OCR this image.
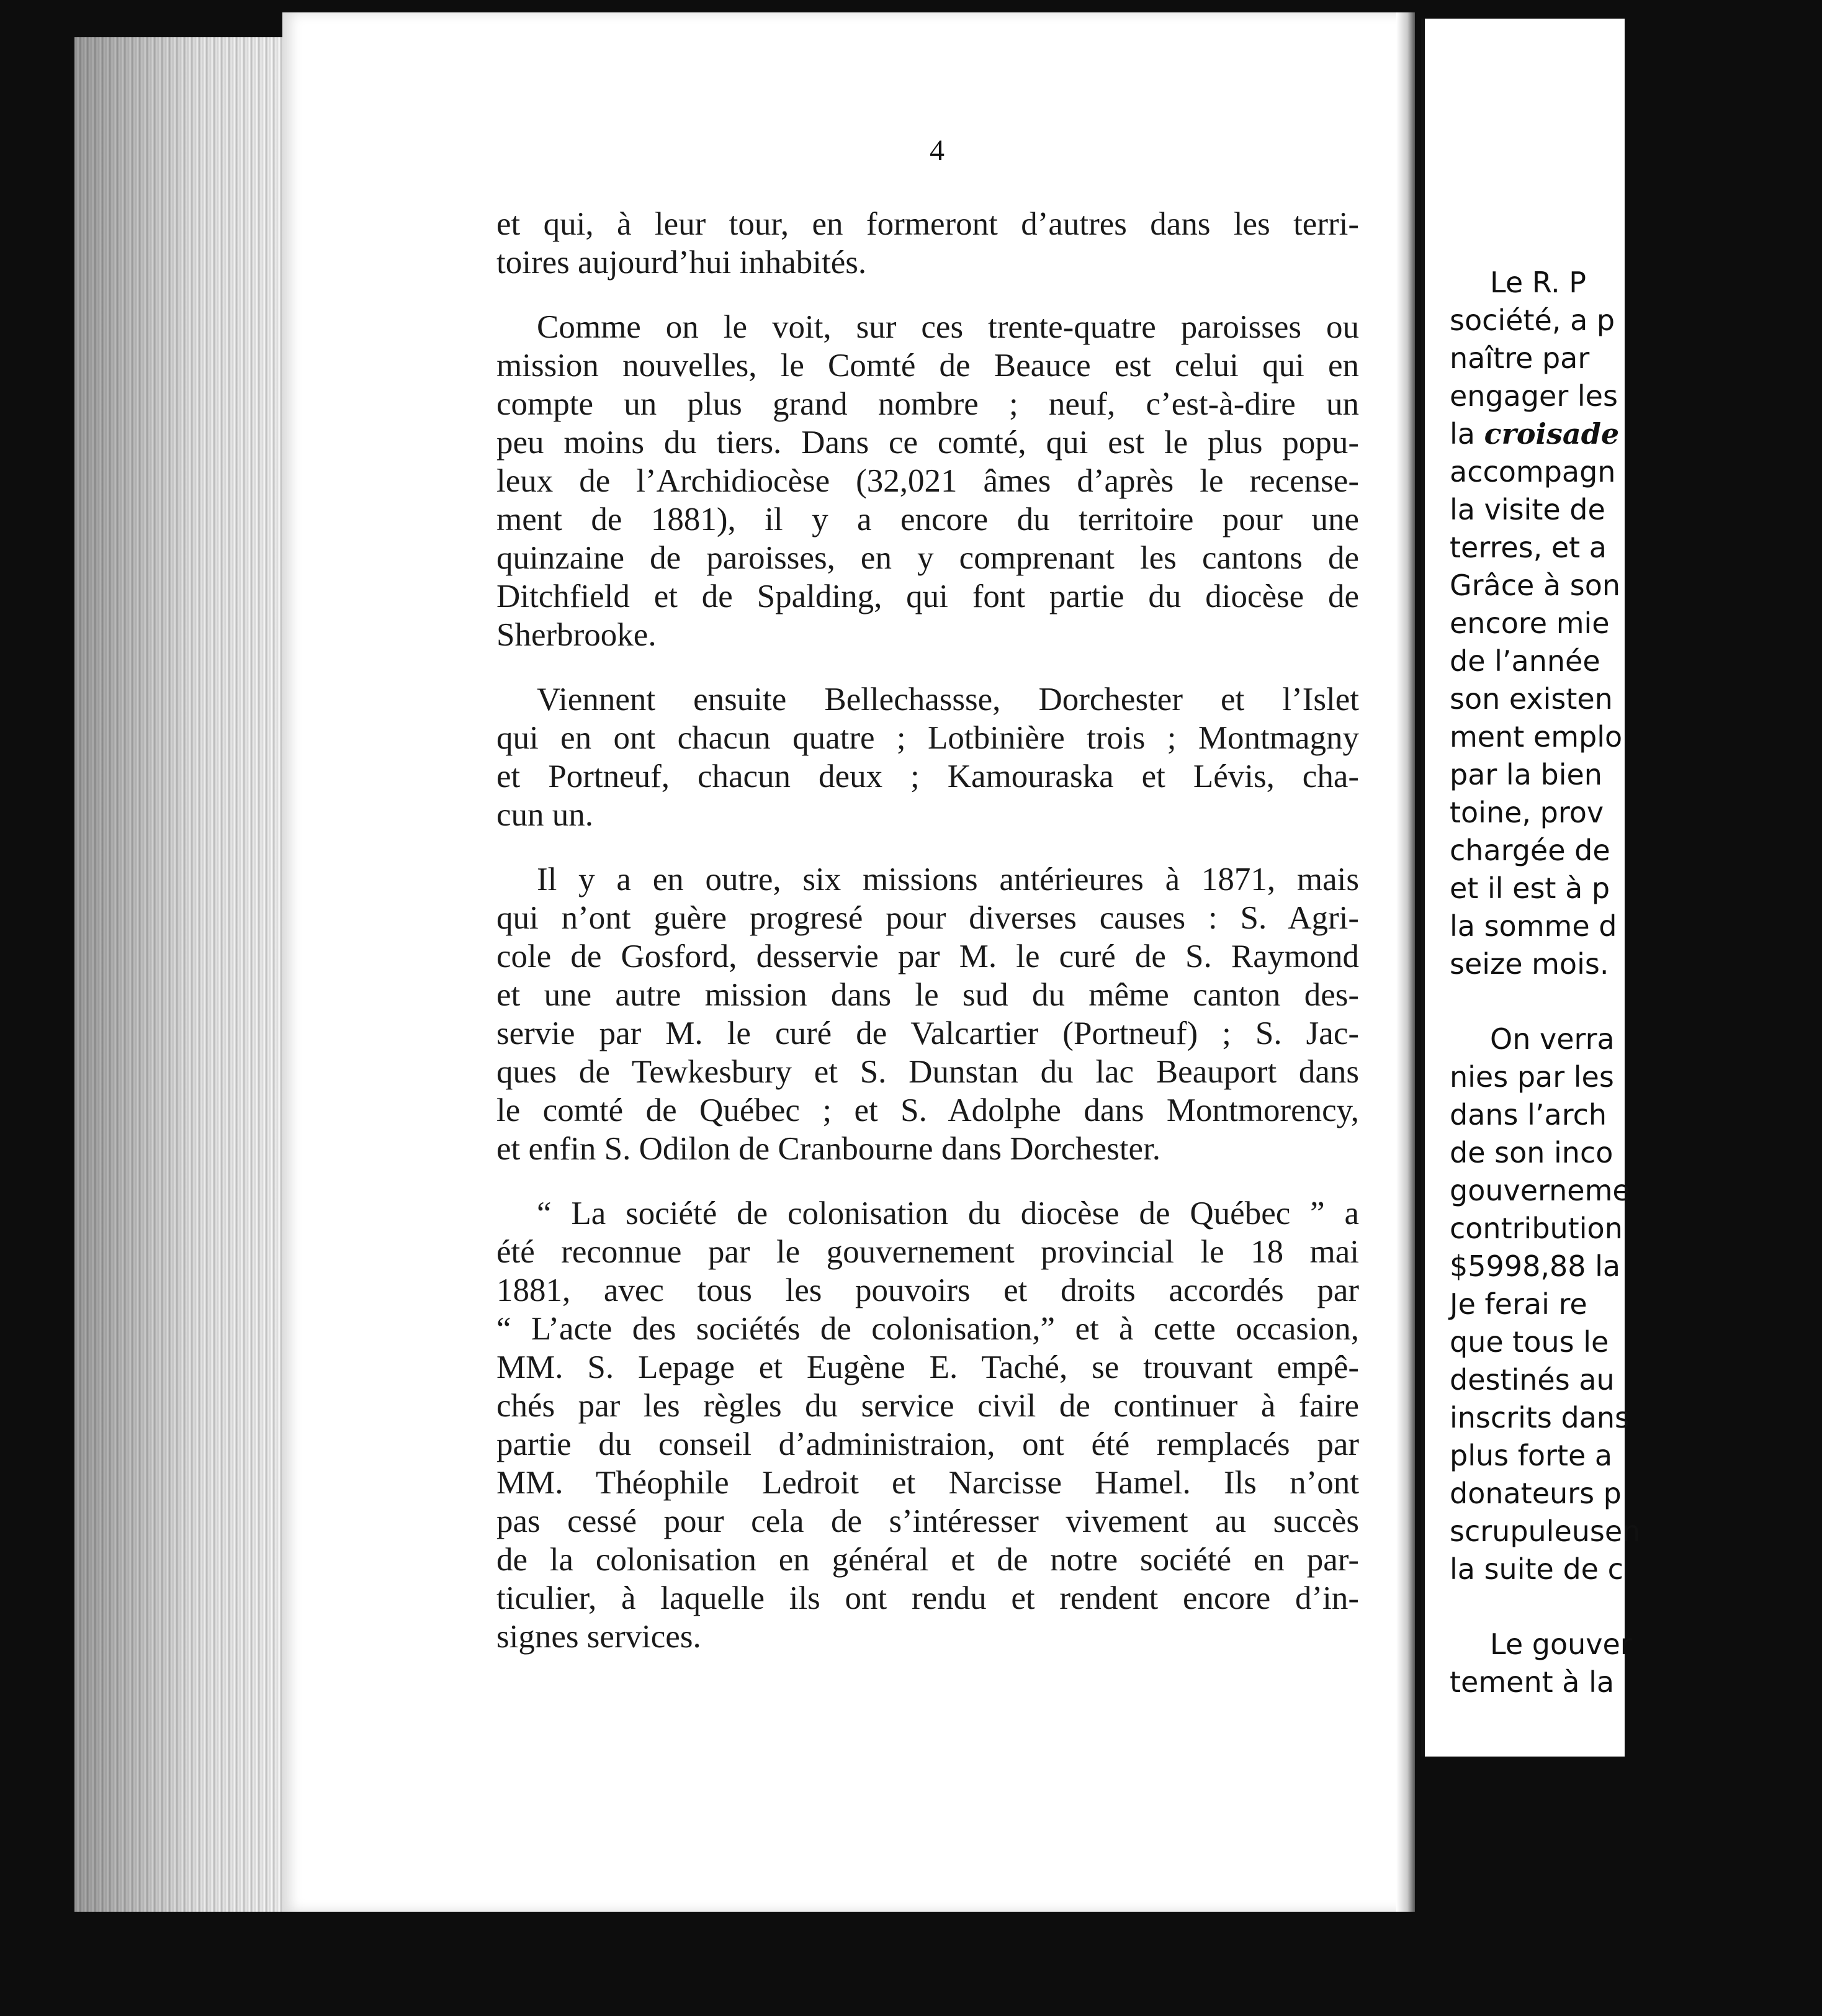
4
et qui, à leur tour, en formeront d’autres dans les terri-
toires aujourd’hui inhabités.
Comme on le voit, sur ces trente-quatre paroisses ou
mission nouvelles, le Comté de Beauce est celui qui en
compte un plus grand nombre ; neuf, c’est-à-dire un
peu moins du tiers. Dans ce comté, qui est le plus popu-
leux de l’Archidiocèse (32,021 âmes d’après le recense-
ment de 1881), il y a encore du territoire pour une
quinzaine de paroisses, en y comprenant les cantons de
Ditchfield et de Spalding, qui font partie du diocèse de
Sherbrooke.
Viennent ensuite Bellechassse, Dorchester et l’Islet
qui en ont chacun quatre ; Lotbinière trois ; Montmagny
et Portneuf, chacun deux ; Kamouraska et Lévis, cha-
cun un.
Il y a en outre, six missions antérieures à 1871, mais
qui n’ont guère progresé pour diverses causes : S. Agri-
cole de Gosford, desservie par M. le curé de S. Raymond
et une autre mission dans le sud du même canton des-
servie par M. le curé de Valcartier (Portneuf) ; S. Jac-
ques de Tewkesbury et S. Dunstan du lac Beauport dans
le comté de Québec ; et S. Adolphe dans Montmorency,
et enfin S. Odilon de Cranbourne dans Dorchester.
“ La société de colonisation du diocèse de Québec ” a
été reconnue par le gouvernement provincial le 18 mai
1881, avec tous les pouvoirs et droits accordés par
“ L’acte des sociétés de colonisation,” et à cette occasion,
MM. S. Lepage et Eugène E. Taché, se trouvant empê-
chés par les règles du service civil de continuer à faire
partie du conseil d’administraion, ont été remplacés par
MM. Théophile Ledroit et Narcisse Hamel. Ils n’ont
pas cessé pour cela de s’intéresser vivement au succès
de la colonisation en général et de notre société en par-
ticulier, à laquelle ils ont rendu et rendent encore d’in-
signes services.
Le R. P
société, a p
naître par
engager les
la croisade
accompagn
la visite de
terres, et a
Grâce à son
encore mie
de l’année
son existen
ment emplo
par la bien
toine, prov
chargée de
et il est à p
la somme d
seize mois.
On verra
nies par les
dans l’arch
de son inco
gouverneme
contribution
$5998,88 la
Je ferai re
que tous le
destinés au
inscrits dans
plus forte a
donateurs p
scrupuleusen
la suite de c
Le gouver
tement à la
